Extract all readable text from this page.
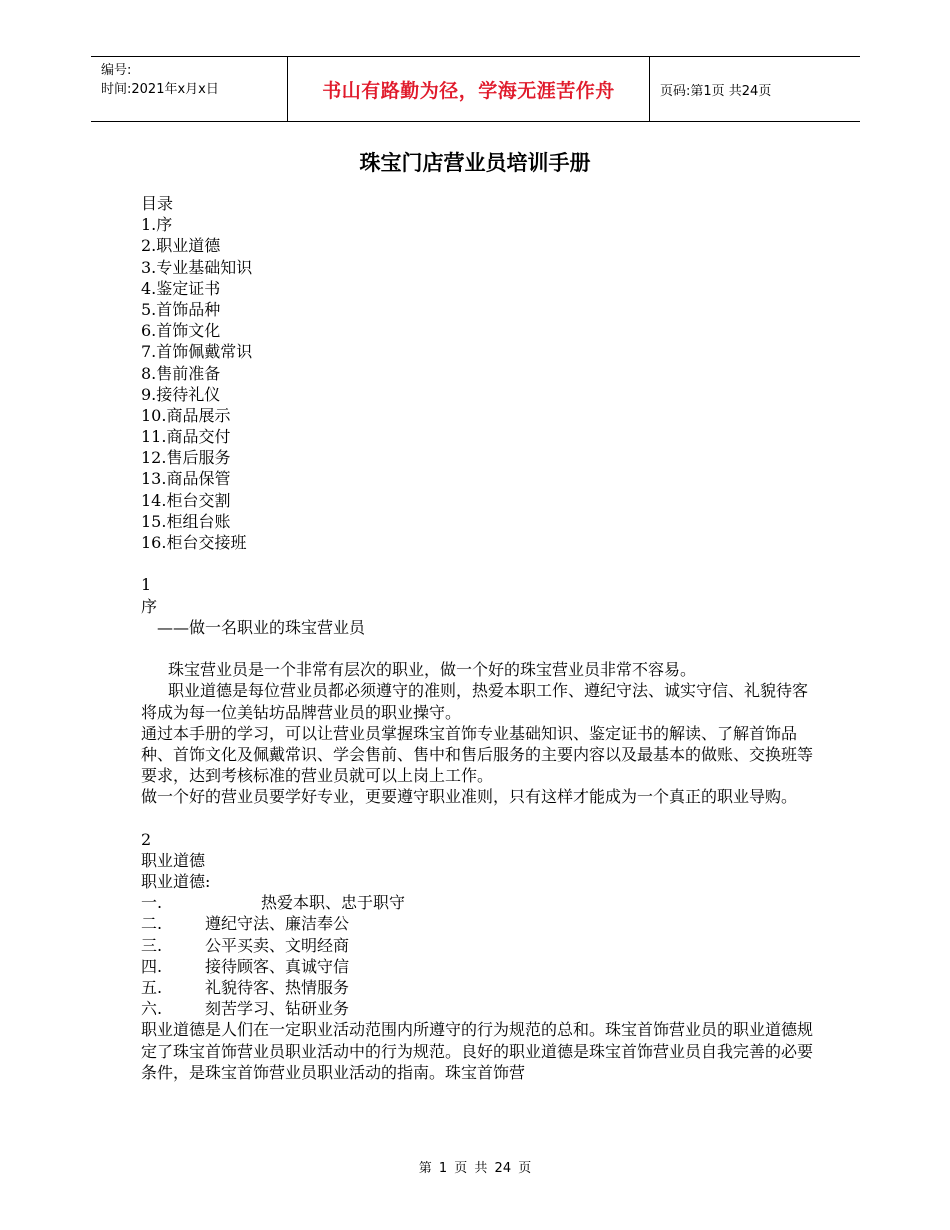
编号:
时间:2021年x月x日	书山有路勤为径，学海无涯苦作舟	页码:第1页 共24页
珠宝门店营业员培训手册
目录
1.序
2.职业道德
3.专业基础知识
4.鉴定证书
5.首饰品种
6.首饰文化
7.首饰佩戴常识
8.售前准备
9.接待礼仪
10.商品展示
11.商品交付
12.售后服务
13.商品保管
14.柜台交割
15.柜组台账
16.柜台交接班
1
序
——做一名职业的珠宝营业员
珠宝营业员是一个非常有层次的职业，做一个好的珠宝营业员非常不容易。
职业道德是每位营业员都必须遵守的准则，热爱本职工作、遵纪守法、诚实守信、礼貌待客将成为每一位美钻坊品牌营业员的职业操守。
通过本手册的学习，可以让营业员掌握珠宝首饰专业基础知识、鉴定证书的解读、了解首饰品种、首饰文化及佩戴常识、学会售前、售中和售后服务的主要内容以及最基本的做账、交换班等要求，达到考核标准的营业员就可以上岗上工作。
做一个好的营业员要学好专业，更要遵守职业准则，只有这样才能成为一个真正的职业导购。
2
职业道德
职业道德:
一.	热爱本职、忠于职守
二.	遵纪守法、廉洁奉公
三.	公平买卖、文明经商
四.	接待顾客、真诚守信
五.	礼貌待客、热情服务
六.	刻苦学习、钻研业务
职业道德是人们在一定职业活动范围内所遵守的行为规范的总和。珠宝首饰营业员的职业道德规定了珠宝首饰营业员职业活动中的行为规范。良好的职业道德是珠宝首饰营业员自我完善的必要条件，是珠宝首饰营业员职业活动的指南。珠宝首饰营
第 1 页 共 24 页
